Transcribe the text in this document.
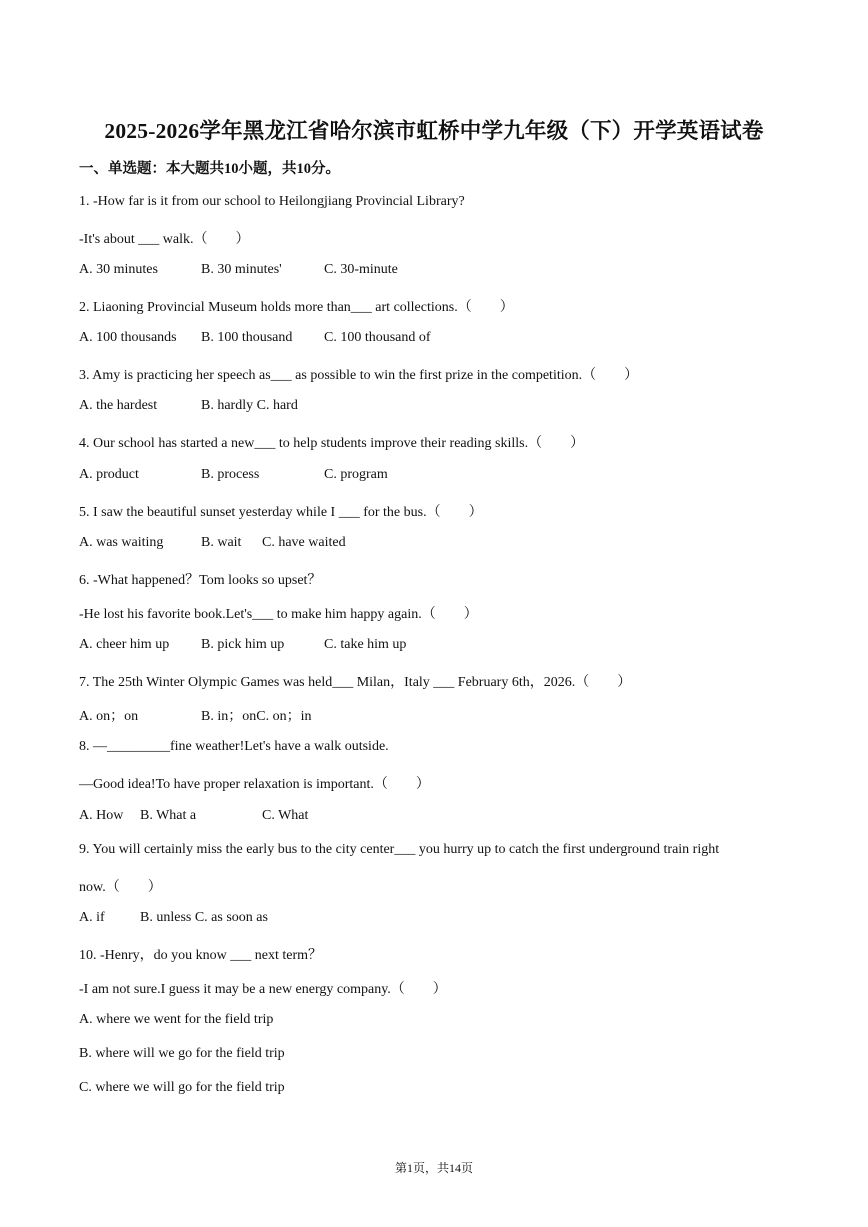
2025-2026学年黑龙江省哈尔滨市虹桥中学九年级（下）开学英语试卷
一、单选题：本大题共10小题，共10分。
1. -How far is it from our school to Heilongjiang Provincial Library?
-It's about ___ walk.（　　）
A. 30 minutes	B. 30 minutes'	C. 30-minute
2. Liaoning Provincial Museum holds more than___ art collections.（　　）
A. 100 thousands B. 100 thousand C. 100 thousand of
3. Amy is practicing her speech as___ as possible to win the first prize in the competition.（　　）
A. the hardest	B. hardly C. hard
4. Our school has started a new___ to help students improve their reading skills.（　　）
A. product	B. process	C. program
5. I saw the beautiful sunset yesterday while I ___ for the bus.（　　）
A. was waiting	B. wait C. have waited
6. -What happened？Tom looks so upset？
-He lost his favorite book.Let's___ to make him happy again.（　　）
A. cheer him up B. pick him up	C. take him up
7. The 25th Winter Olympic Games was held___ Milan，Italy ___ February 6th，2026.（　　）
A. on；on	B. in；onC. on；in
8. —_________fine weather!Let's have a walk outside.
—Good idea!To have proper relaxation is important.（　　）
A. How B. What a	C. What
9. You will certainly miss the early bus to the city center___ you hurry up to catch the first underground train right
now.（　　）
A. if	B. unless C. as soon as
10. -Henry，do you know ___ next term？
-I am not sure.I guess it may be a new energy company.（　　）
A. where we went for the field trip
B. where will we go for the field trip
C. where we will go for the field trip
第1页，共14页
